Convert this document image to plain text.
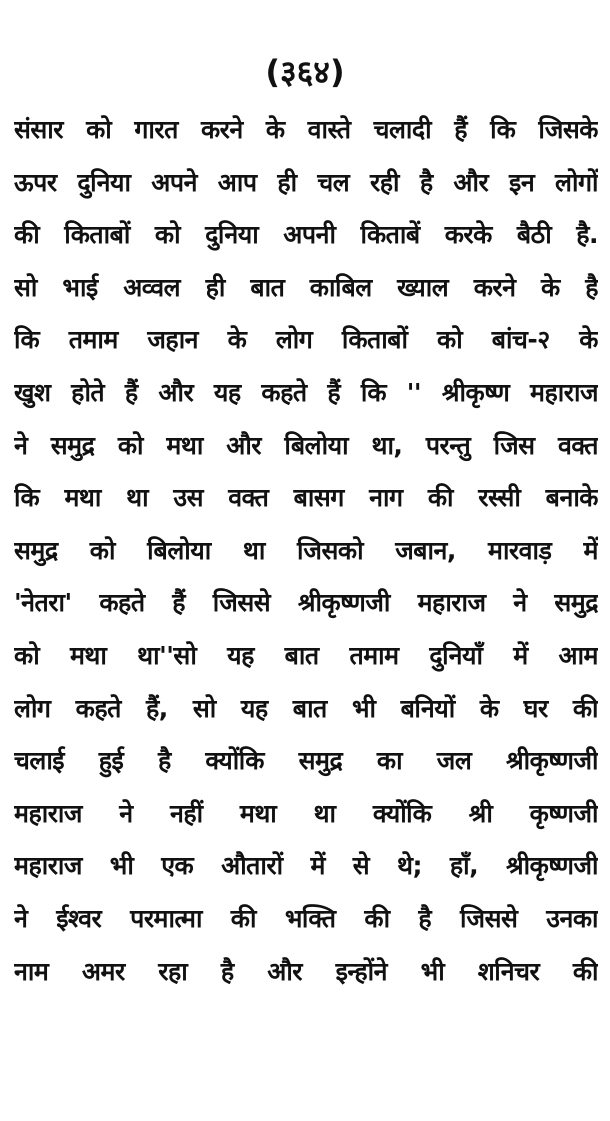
(३६४)
संसार को गारत करने के वास्ते चलादी हैं कि जिसके
ऊपर दुनिया अपने आप ही चल रही है और इन लोगों
की किताबों को दुनिया अपनी किताबें करके बैठी है.
सो भाई अव्वल ही बात काबिल ख्याल करने के है
कि तमाम जहान के लोग किताबों को बांच-२ के
खुश होते हैं और यह कहते हैं कि '' श्रीकृष्ण महाराज
ने समुद्र को मथा और बिलोया था, परन्तु जिस वक्त
कि मथा था उस वक्त बासग नाग की रस्सी बनाके
समुद्र को बिलोया था जिसको जबान, मारवाड़ में
'नेतरा' कहते हैं जिससे श्रीकृष्णजी महाराज ने समुद्र
को मथा था''सो यह बात तमाम दुनियाँ में आम
लोग कहते हैं, सो यह बात भी बनियों के घर की
चलाई हुई है क्योंकि समुद्र का जल श्रीकृष्णजी
महाराज ने नहीं मथा था क्योंकि श्री कृष्णजी
महाराज भी एक औतारों में से थे; हाँ, श्रीकृष्णजी
ने ईश्वर परमात्मा की भक्ति की है जिससे उनका
नाम अमर रहा है और इन्होंने भी शनिचर की
